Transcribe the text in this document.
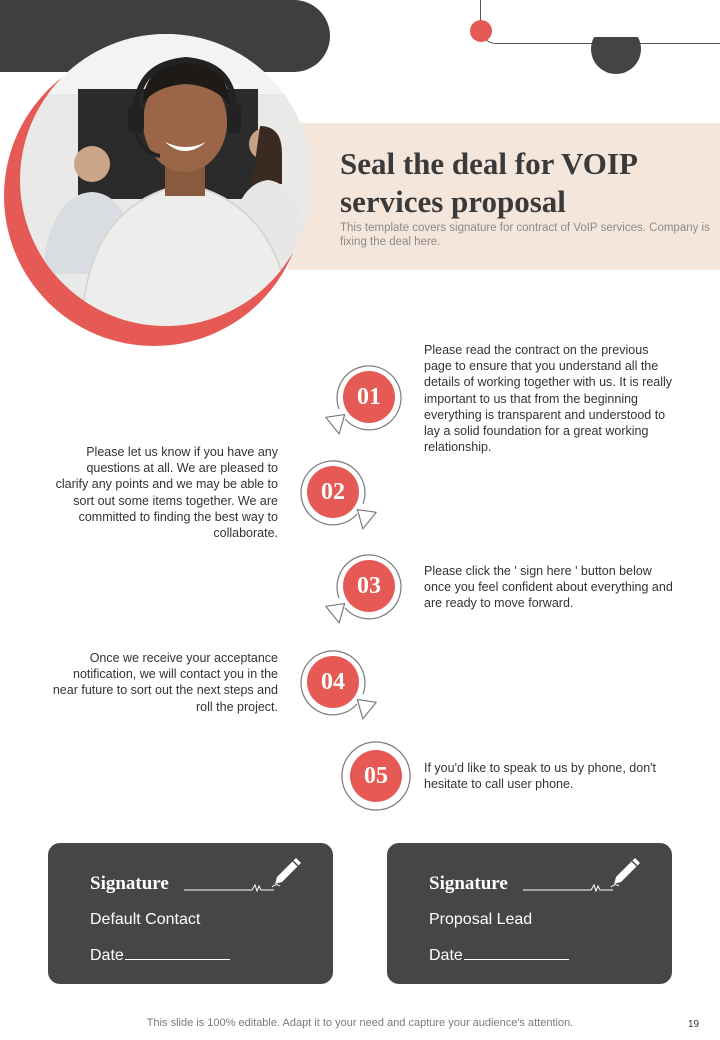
Seal the deal for VOIP services proposal
This template covers signature for contract of VoIP services. Company is fixing the deal here.
01
02
03
04
05
Please read the contract on the previous page to ensure that you understand all the details of working together with us. It is really important to us that from the beginning everything is transparent and understood to lay a solid foundation for a great working relationship.
Please let us know if you have any questions at all. We are pleased to clarify any points and we may be able to sort out some items together. We are committed to finding the best way to collaborate.
Please click the ' sign here ' button below once you feel confident about everything and are ready to move forward.
Once we receive your acceptance notification, we will contact you in the near future to sort out the next steps and roll the project.
If you'd like to speak to us by phone, don't hesitate to call user phone.
Signature
Default Contact
Date
Signature
Proposal Lead
Date
This slide is 100% editable. Adapt it to your need and capture your audience's attention.	19
